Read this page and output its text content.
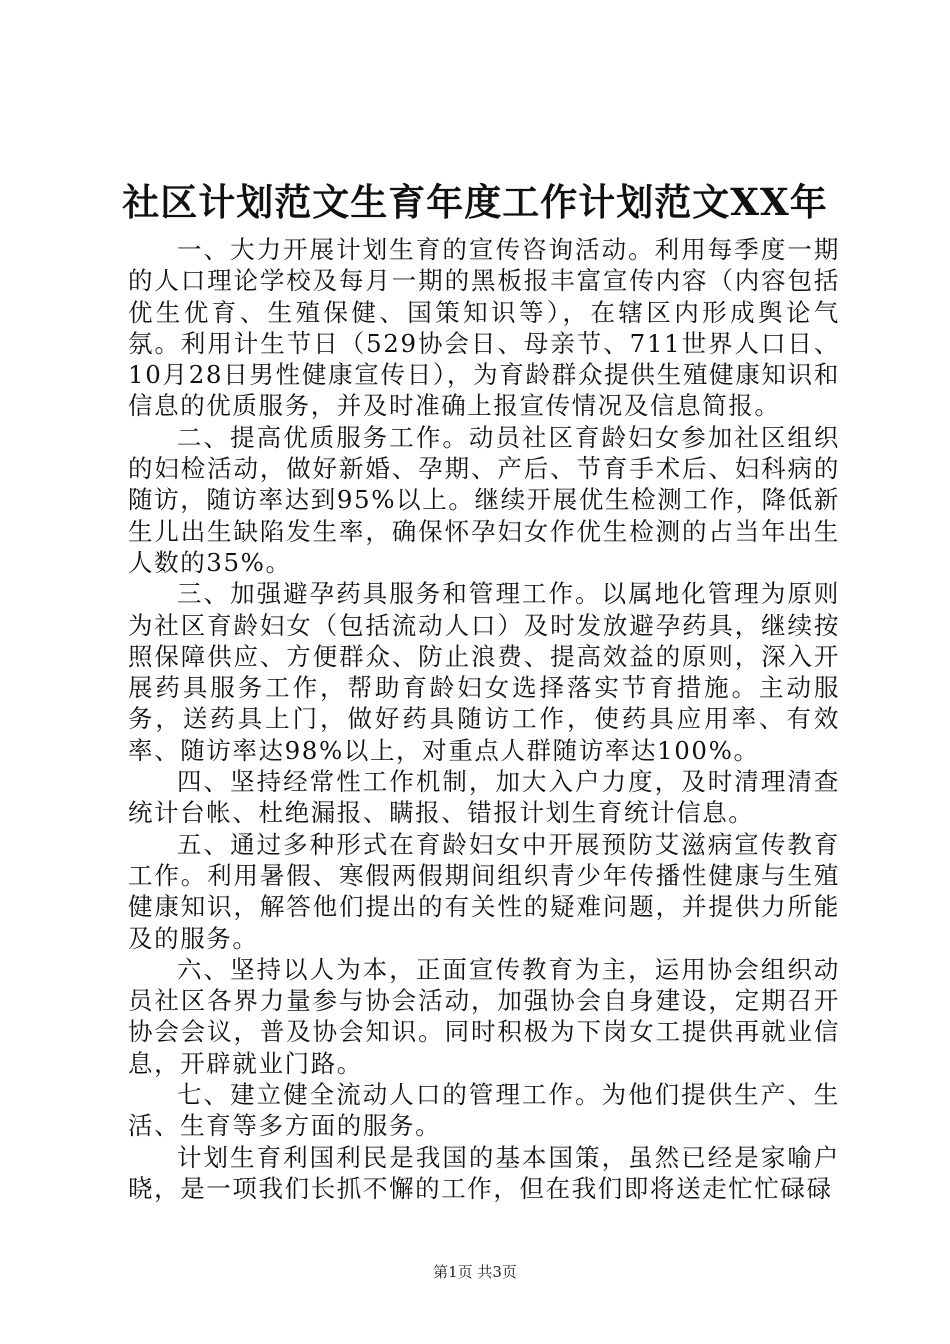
社区计划范文生育年度工作计划范文XX年

一、大力开展计划生育的宣传咨询活动。利用每季度一期的人口理论学校及每月一期的黑板报丰富宣传内容（内容包括优生优育、生殖保健、国策知识等），在辖区内形成舆论气氛。利用计生节日（529协会日、母亲节、711世界人口日、10月28日男性健康宣传日），为育龄群众提供生殖健康知识和信息的优质服务，并及时准确上报宣传情况及信息简报。

二、提高优质服务工作。动员社区育龄妇女参加社区组织的妇检活动，做好新婚、孕期、产后、节育手术后、妇科病的随访，随访率达到95%以上。继续开展优生检测工作，降低新生儿出生缺陷发生率，确保怀孕妇女作优生检测的占当年出生人数的35%。

三、加强避孕药具服务和管理工作。以属地化管理为原则为社区育龄妇女（包括流动人口）及时发放避孕药具，继续按照保障供应、方便群众、防止浪费、提高效益的原则，深入开展药具服务工作，帮助育龄妇女选择落实节育措施。主动服务，送药具上门，做好药具随访工作，使药具应用率、有效率、随访率达98%以上，对重点人群随访率达100%。

四、坚持经常性工作机制，加大入户力度，及时清理清查统计台帐、杜绝漏报、瞒报、错报计划生育统计信息。

五、通过多种形式在育龄妇女中开展预防艾滋病宣传教育工作。利用暑假、寒假两假期间组织青少年传播性健康与生殖健康知识，解答他们提出的有关性的疑难问题，并提供力所能及的服务。

六、坚持以人为本，正面宣传教育为主，运用协会组织动员社区各界力量参与协会活动，加强协会自身建设，定期召开协会会议，普及协会知识。同时积极为下岗女工提供再就业信息，开辟就业门路。

七、建立健全流动人口的管理工作。为他们提供生产、生活、生育等多方面的服务。

计划生育利国利民是我国的基本国策，虽然已经是家喻户晓，是一项我们长抓不懈的工作，但在我们即将送走忙忙碌碌

第1页 共3页
